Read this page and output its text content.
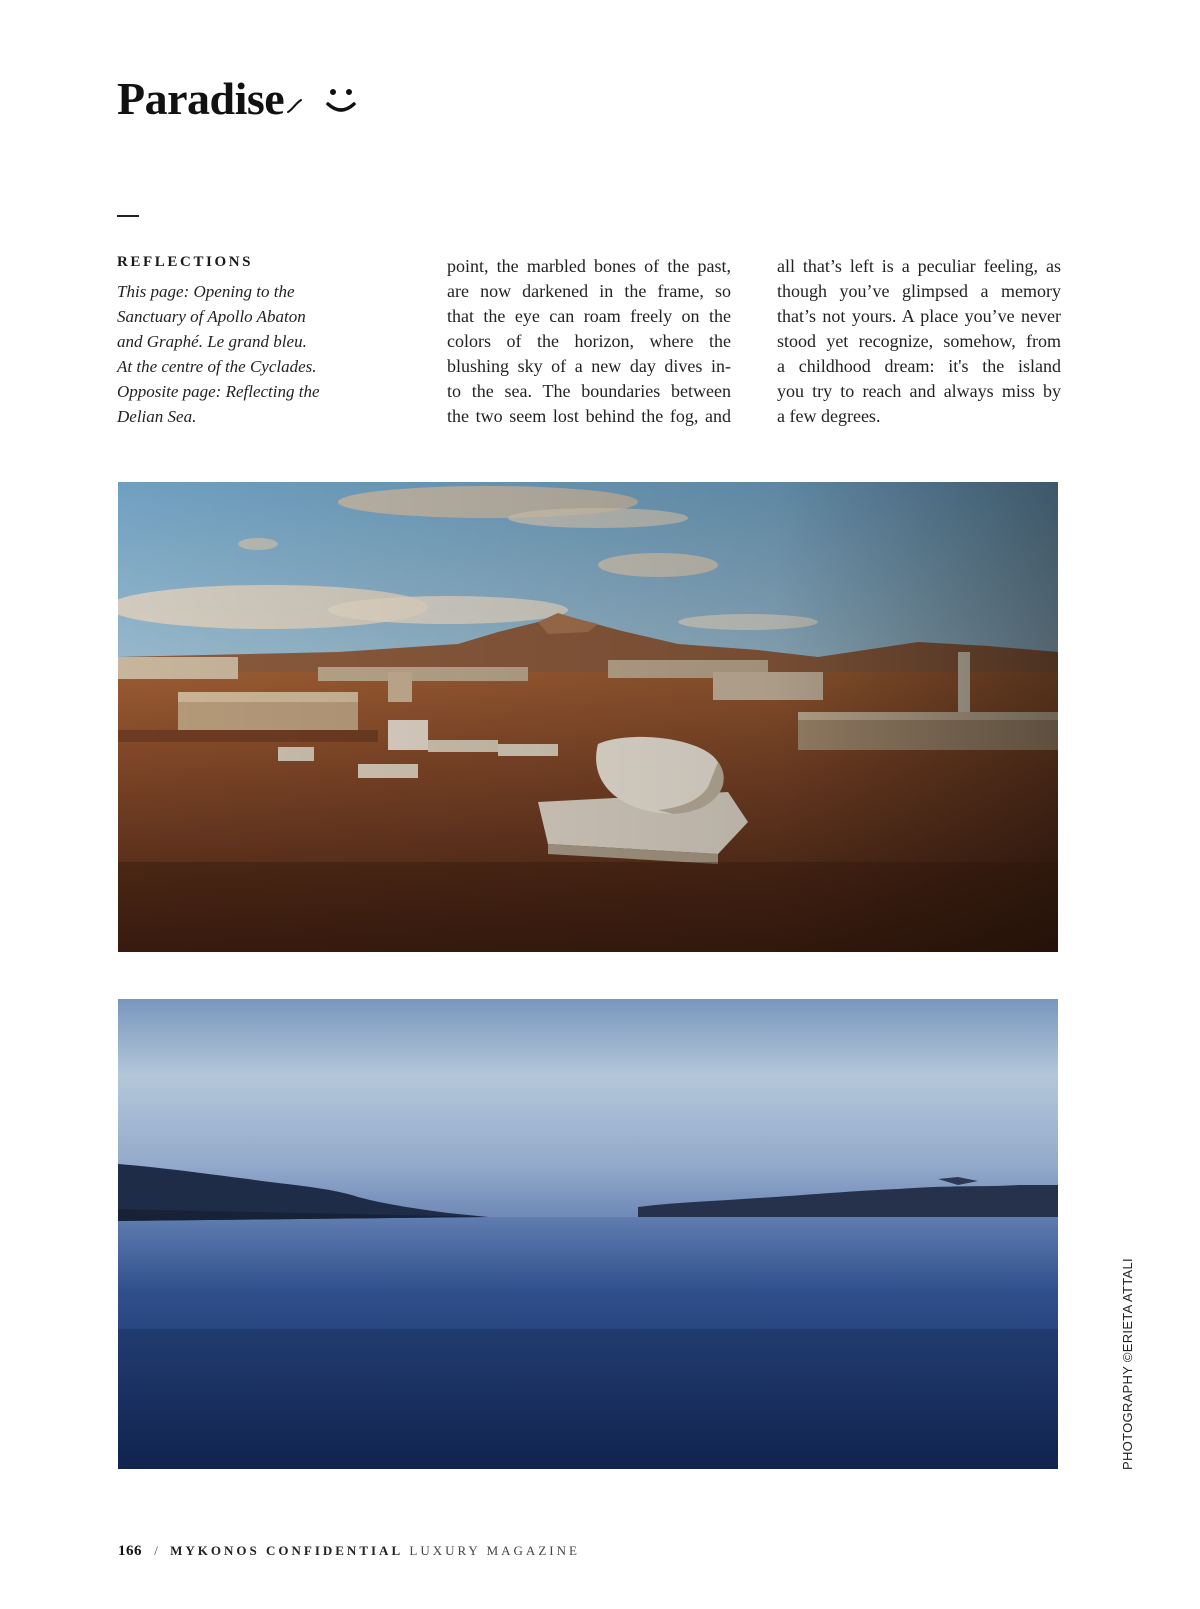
Paradise
REFLECTIONS
This page: Opening to the
Sanctuary of Apollo Abaton
and Graphé. Le grand bleu.
At the centre of the Cyclades.
Opposite page: Reflecting the
Delian Sea.
point, the marbled bones of the past,
are now darkened in the frame, so
that the eye can roam freely on the
colors of the horizon, where the
blushing sky of a new day dives in-
to the sea. The boundaries between
the two seem lost behind the fog, and
all that’s left is a peculiar feeling, as
though you’ve glimpsed a memory
that’s not yours. A place you’ve never
stood yet recognize, somehow, from
a childhood dream: it's the island
you try to reach and always miss by
a few degrees.
PHOTOGRAPHY ©ERIETA ATTALI
166 / MYKONOS CONFIDENTIAL LUXURY MAGAZINE
